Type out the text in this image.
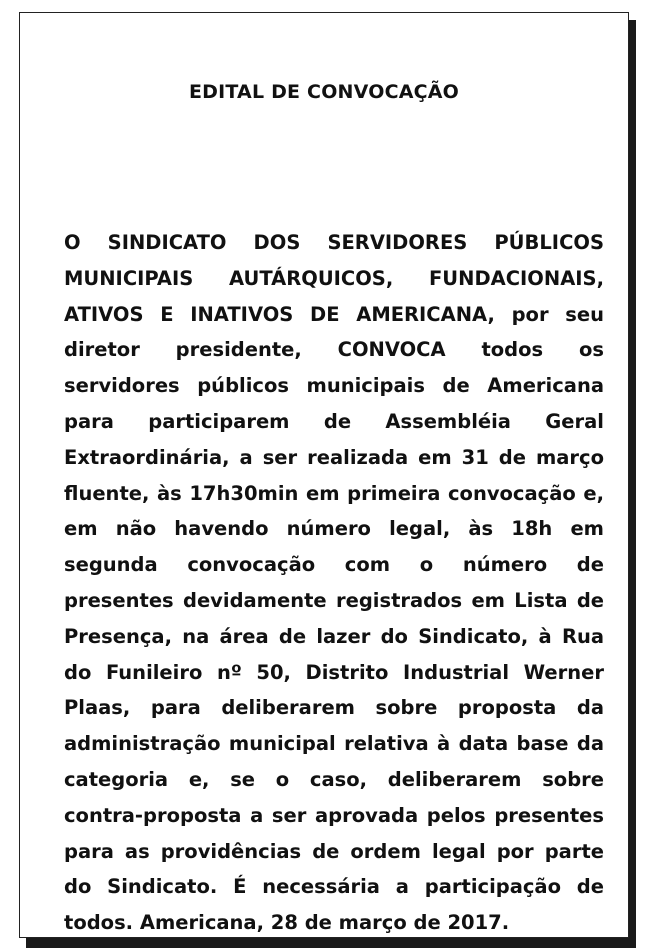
EDITAL DE CONVOCAÇÃO

O SINDICATO DOS SERVIDORES PÚBLICOS MUNICIPAIS AUTÁRQUICOS, FUNDACIONAIS, ATIVOS E INATIVOS DE AMERICANA, por seu diretor presidente, CONVOCA todos os servidores públicos municipais de Americana para participarem de Assembléia Geral Extraordinária, a ser realizada em 31 de março fluente, às 17h30min em primeira convocação e, em não havendo número legal, às 18h em segunda convocação com o número de presentes devidamente registrados em Lista de Presença, na área de lazer do Sindicato, à Rua do Funileiro nº 50, Distrito Industrial Werner Plaas, para deliberarem sobre proposta da administração municipal relativa à data base da categoria e, se o caso, deliberarem sobre contra-proposta a ser aprovada pelos presentes para as providências de ordem legal por parte do Sindicato. É necessária a participação de todos. Americana, 28 de março de 2017.
